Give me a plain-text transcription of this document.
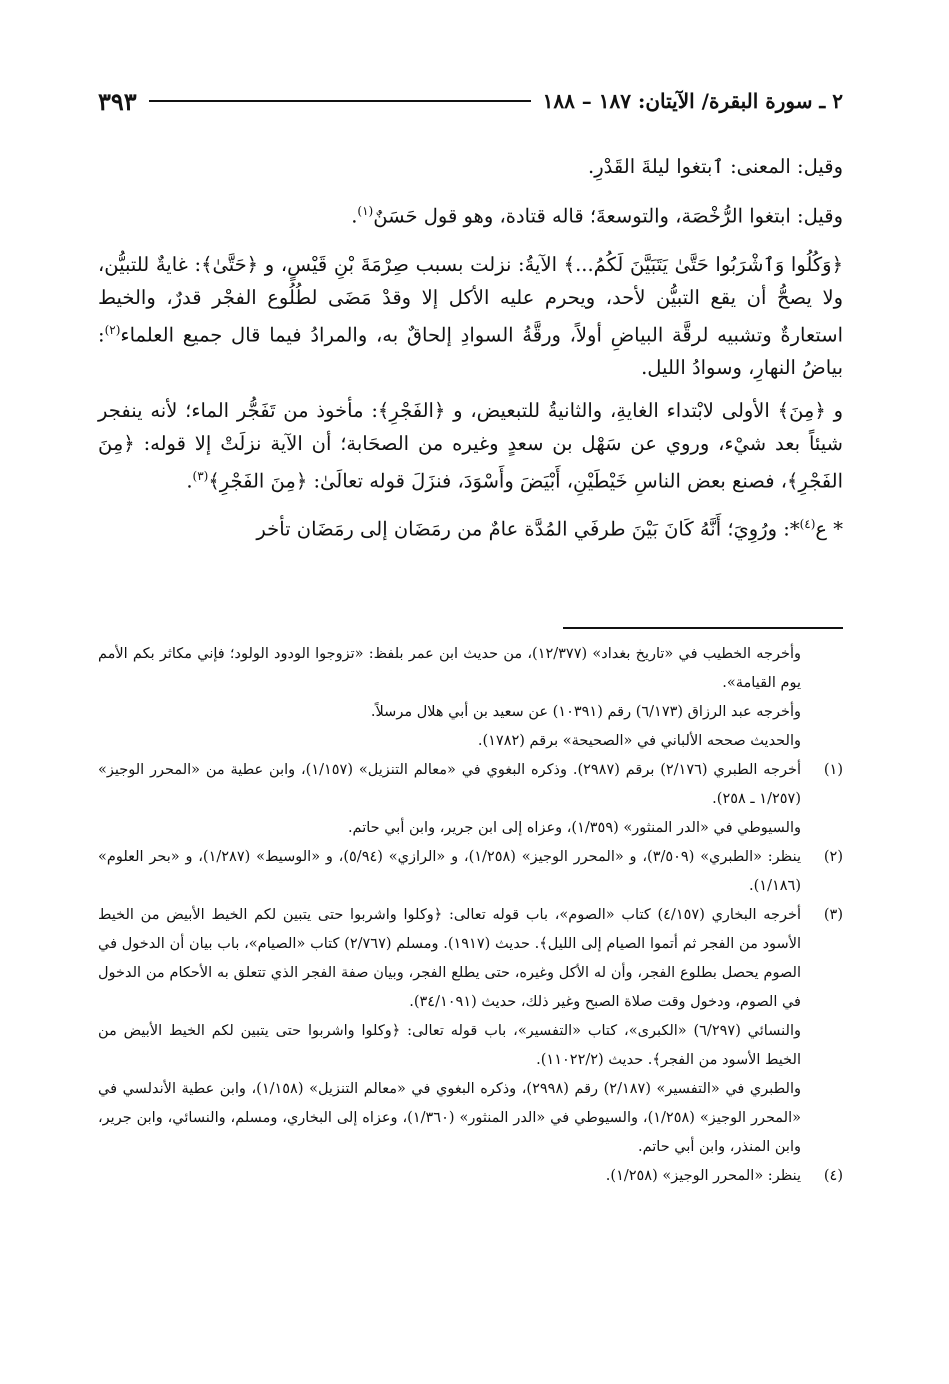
٢ ـ سورة البقرة/ الآيتان: ١٨٧ – ١٨٨
٣٩٣

وقيل: المعنى: ٱبتغوا ليلةَ القَدْرِ.

وقيل: ابتغوا الرُّخْصَة، والتوسعةَ؛ قاله قتادة، وهو قول حَسَنٌ$^{(١)}$.

﴿وَكُلُوا وَٱشْرَبُوا حَتَّىٰ يَتَبَيَّنَ لَكُمُ...﴾ الآيةُ: نزلت بسبب صِرْمَةَ بْنِ قَيْسٍ، و ﴿حَتَّىٰ﴾: غايةٌ للتبيُّن، ولا يصحُّ أن يقع التبيُّن لأحد، ويحرم عليه الأكل إلا وقدْ مَضَى لطُلُوع الفجْر قدرٌ، والخيط استعارةٌ وتشبيه لرقَّة البياضِ أولاً، ورقَّةُ السوادِ إلحاقٌ به، والمرادُ فيما قال جميع العلماء$^{(٢)}$: بياضُ النهارِ، وسوادُ الليل.

و ﴿مِنَ﴾ الأولى لابْتداء الغايةِ، والثانيةُ للتبعيض، و ﴿الفَجْرِ﴾: مأخوذ من تَفَجُّر الماء؛ لأنه ينفجر شيئاً بعد شيْء، وروي عن سَهْل بن سعدٍ وغيره من الصحَابة؛ أن الآية نزلَتْ إلا قوله: ﴿مِنَ الفَجْرِ﴾، فصنع بعض الناسِ خَيْطَيْنِ، أَبْيَضَ وأَسْوَدَ، فنزَلَ قوله تعالَىٰ: ﴿مِنَ الفَجْرِ﴾$^{(٣)}$.

* ع$^{(٤)}$*: ورُوِيَ؛ أَنَّهُ كَانَ بَيْنَ طرفَي المُدَّة عامٌ من رمَضَان إلى رمَضَان تأخر

وأخرجه الخطيب في «تاريخ بغداد» (١٢/٣٧٧)، من حديث ابن عمر بلفظ: «تزوجوا الودود الولود؛ فإني مكاثر بكم الأمم يوم القيامة».
وأخرجه عبد الرزاق (٦/١٧٣) رقم (١٠٣٩١) عن سعيد بن أبي هلال مرسلاً.
والحديث صححه الألباني في «الصحيحة» برقم (١٧٨٢).
(١)
أخرجه الطبري (٢/١٧٦) برقم (٢٩٨٧). وذكره البغوي في «معالم التنزيل» (١/١٥٧)، وابن عطية من «المحرر الوجيز» (١/٢٥٧ ـ ٢٥٨).
والسيوطي في «الدر المنثور» (١/٣٥٩)، وعزاه إلى ابن جرير، وابن أبي حاتم.
(٢)
ينظر: «الطبري» (٣/٥٠٩)، و «المحرر الوجيز» (١/٢٥٨)، و «الرازي» (٥/٩٤)، و «الوسيط» (١/٢٨٧)، و «بحر العلوم» (١/١٨٦).
(٣)
أخرجه البخاري (٤/١٥٧) كتاب «الصوم»، باب قوله تعالى: ﴿وكلوا واشربوا حتى يتبين لكم الخيط الأبيض من الخيط الأسود من الفجر ثم أتموا الصيام إلى الليل﴾. حديث (١٩١٧). ومسلم (٢/٧٦٧) كتاب «الصيام»، باب بيان أن الدخول في الصوم يحصل بطلوع الفجر، وأن له الأكل وغيره، حتى يطلع الفجر، وبيان صفة الفجر الذي تتعلق به الأحكام من الدخول في الصوم، ودخول وقت صلاة الصبح وغير ذلك، حديث (٣٤/١٠٩١).
والنسائي (٦/٢٩٧) «الكبرى»، كتاب «التفسير»، باب قوله تعالى: ﴿وكلوا واشربوا حتى يتبين لكم الخيط الأبيض من الخيط الأسود من الفجر﴾. حديث (١١٠٢٢/٢).
والطبري في «التفسير» (٢/١٨٧) رقم (٢٩٩٨)، وذكره البغوي في «معالم التنزيل» (١/١٥٨)، وابن عطية الأندلسي في «المحرر الوجيز» (١/٢٥٨)، والسيوطي في «الدر المنثور» (١/٣٦٠)، وعزاه إلى البخاري، ومسلم، والنسائي، وابن جرير، وابن المنذر، وابن أبي حاتم.
(٤)
ينظر: «المحرر الوجيز» (١/٢٥٨).
